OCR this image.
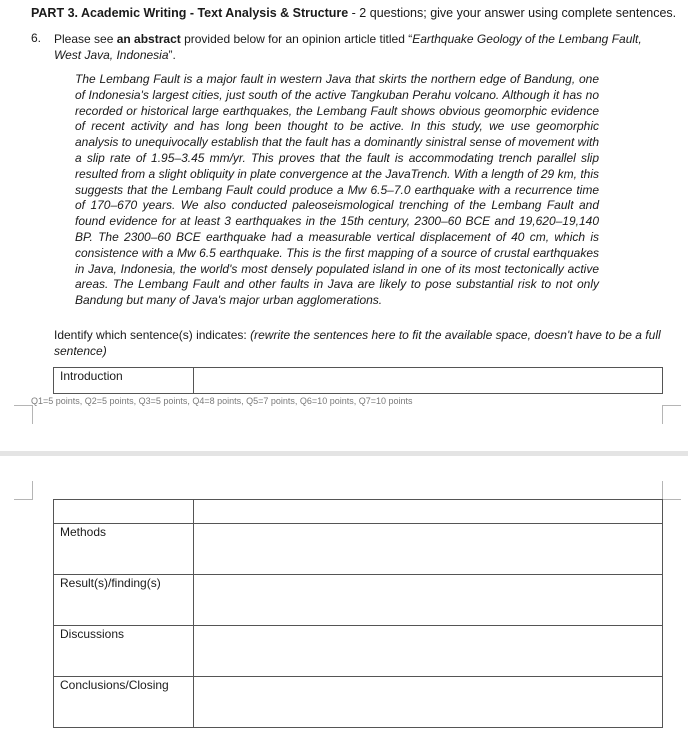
PART 3. Academic Writing - Text Analysis & Structure - 2 questions; give your answer using complete sentences.
6. Please see an abstract provided below for an opinion article titled “Earthquake Geology of the Lembang Fault, West Java, Indonesia”.
The Lembang Fault is a major fault in western Java that skirts the northern edge of Bandung, one of Indonesia's largest cities, just south of the active Tangkuban Perahu volcano. Although it has no recorded or historical large earthquakes, the Lembang Fault shows obvious geomorphic evidence of recent activity and has long been thought to be active. In this study, we use geomorphic analysis to unequivocally establish that the fault has a dominantly sinistral sense of movement with a slip rate of 1.95–3.45 mm/yr. This proves that the fault is accommodating trench parallel slip resulted from a slight obliquity in plate convergence at the JavaTrench. With a length of 29 km, this suggests that the Lembang Fault could produce a Mw 6.5–7.0 earthquake with a recurrence time of 170–670 years. We also conducted paleoseismological trenching of the Lembang Fault and found evidence for at least 3 earthquakes in the 15th century, 2300–60 BCE and 19,620–19,140 BP. The 2300–60 BCE earthquake had a measurable vertical displacement of 40 cm, which is consistence with a Mw 6.5 earthquake. This is the first mapping of a source of crustal earthquakes in Java, Indonesia, the world's most densely populated island in one of its most tectonically active areas. The Lembang Fault and other faults in Java are likely to pose substantial risk to not only Bandung but many of Java's major urban agglomerations.
Identify which sentence(s) indicates: (rewrite the sentences here to fit the available space, doesn't have to be a full sentence)
Introduction	
Q1=5 points, Q2=5 points, Q3=5 points, Q4=8 points, Q5=7 points, Q6=10 points, Q7=10 points

Methods	
Result(s)/finding(s)	
Discussions	
Conclusions/Closing	
